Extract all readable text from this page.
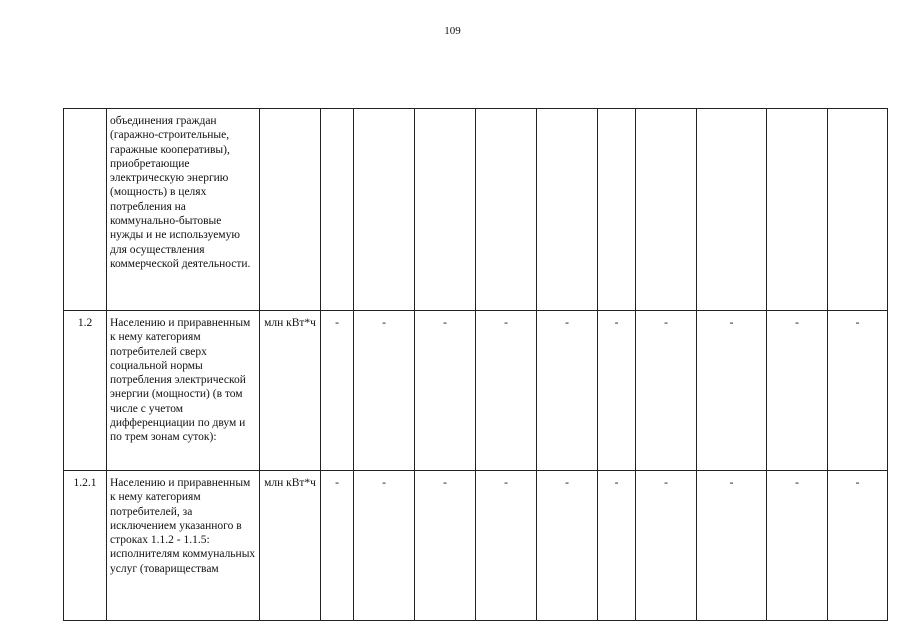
109
	объединения граждан (гаражно-строительные, гаражные кооперативы), приобретающие электрическую энергию (мощность) в целях потребления на коммунально-бытовые нужды и не используемую для осуществления коммерческой деятельности.											
1.2	Населению и приравненным к нему категориям потребителей сверх социальной нормы потребления электрической энергии (мощности) (в том числе с учетом дифференциации по двум и по трем зонам суток):	млн кВт*ч	-	-	-	-	-	-	-	-	-	-
1.2.1	Населению и приравненным к нему категориям потребителей, за исключением указанного в строках 1.1.2 - 1.1.5: исполнителям коммунальных услуг (товариществам	млн кВт*ч	-	-	-	-	-	-	-	-	-	-
